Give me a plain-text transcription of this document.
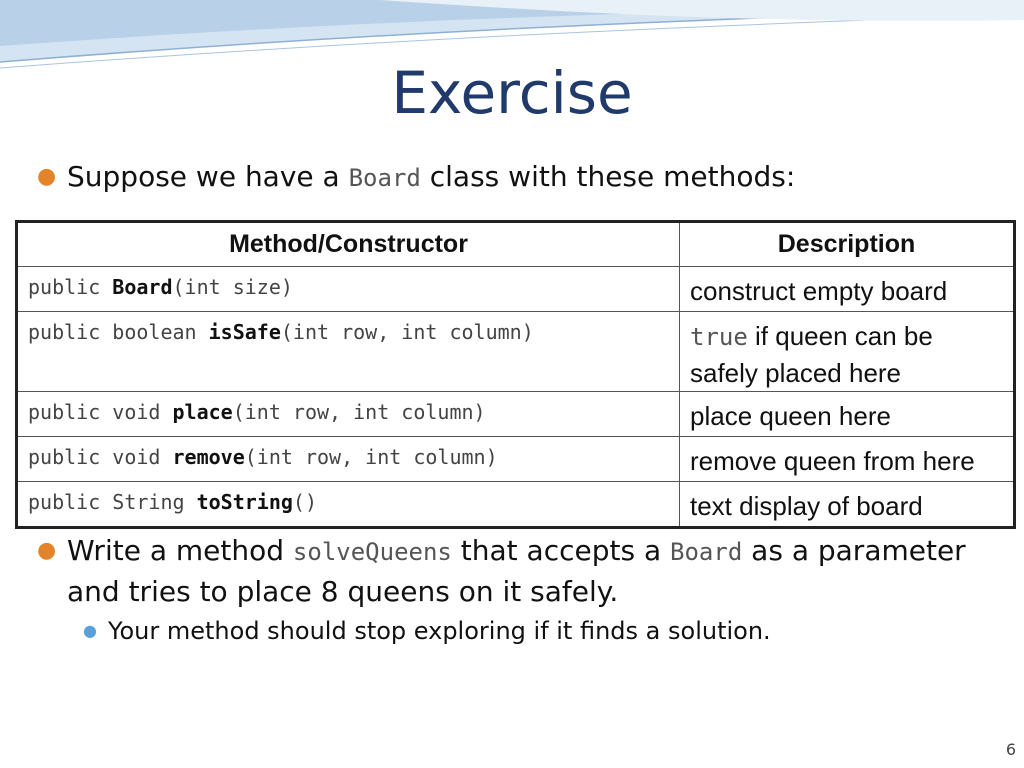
Exercise
● Suppose we have a Board class with these methods:
Method/Constructor	Description
public Board(int size)	construct empty board
public boolean isSafe(int row, int column)	true if queen can be safely placed here
public void place(int row, int column)	place queen here
public void remove(int row, int column)	remove queen from here
public String toString()	text display of board
● Write a method solveQueens that accepts a Board as a parameter and tries to place 8 queens on it safely.
● Your method should stop exploring if it finds a solution.
6
